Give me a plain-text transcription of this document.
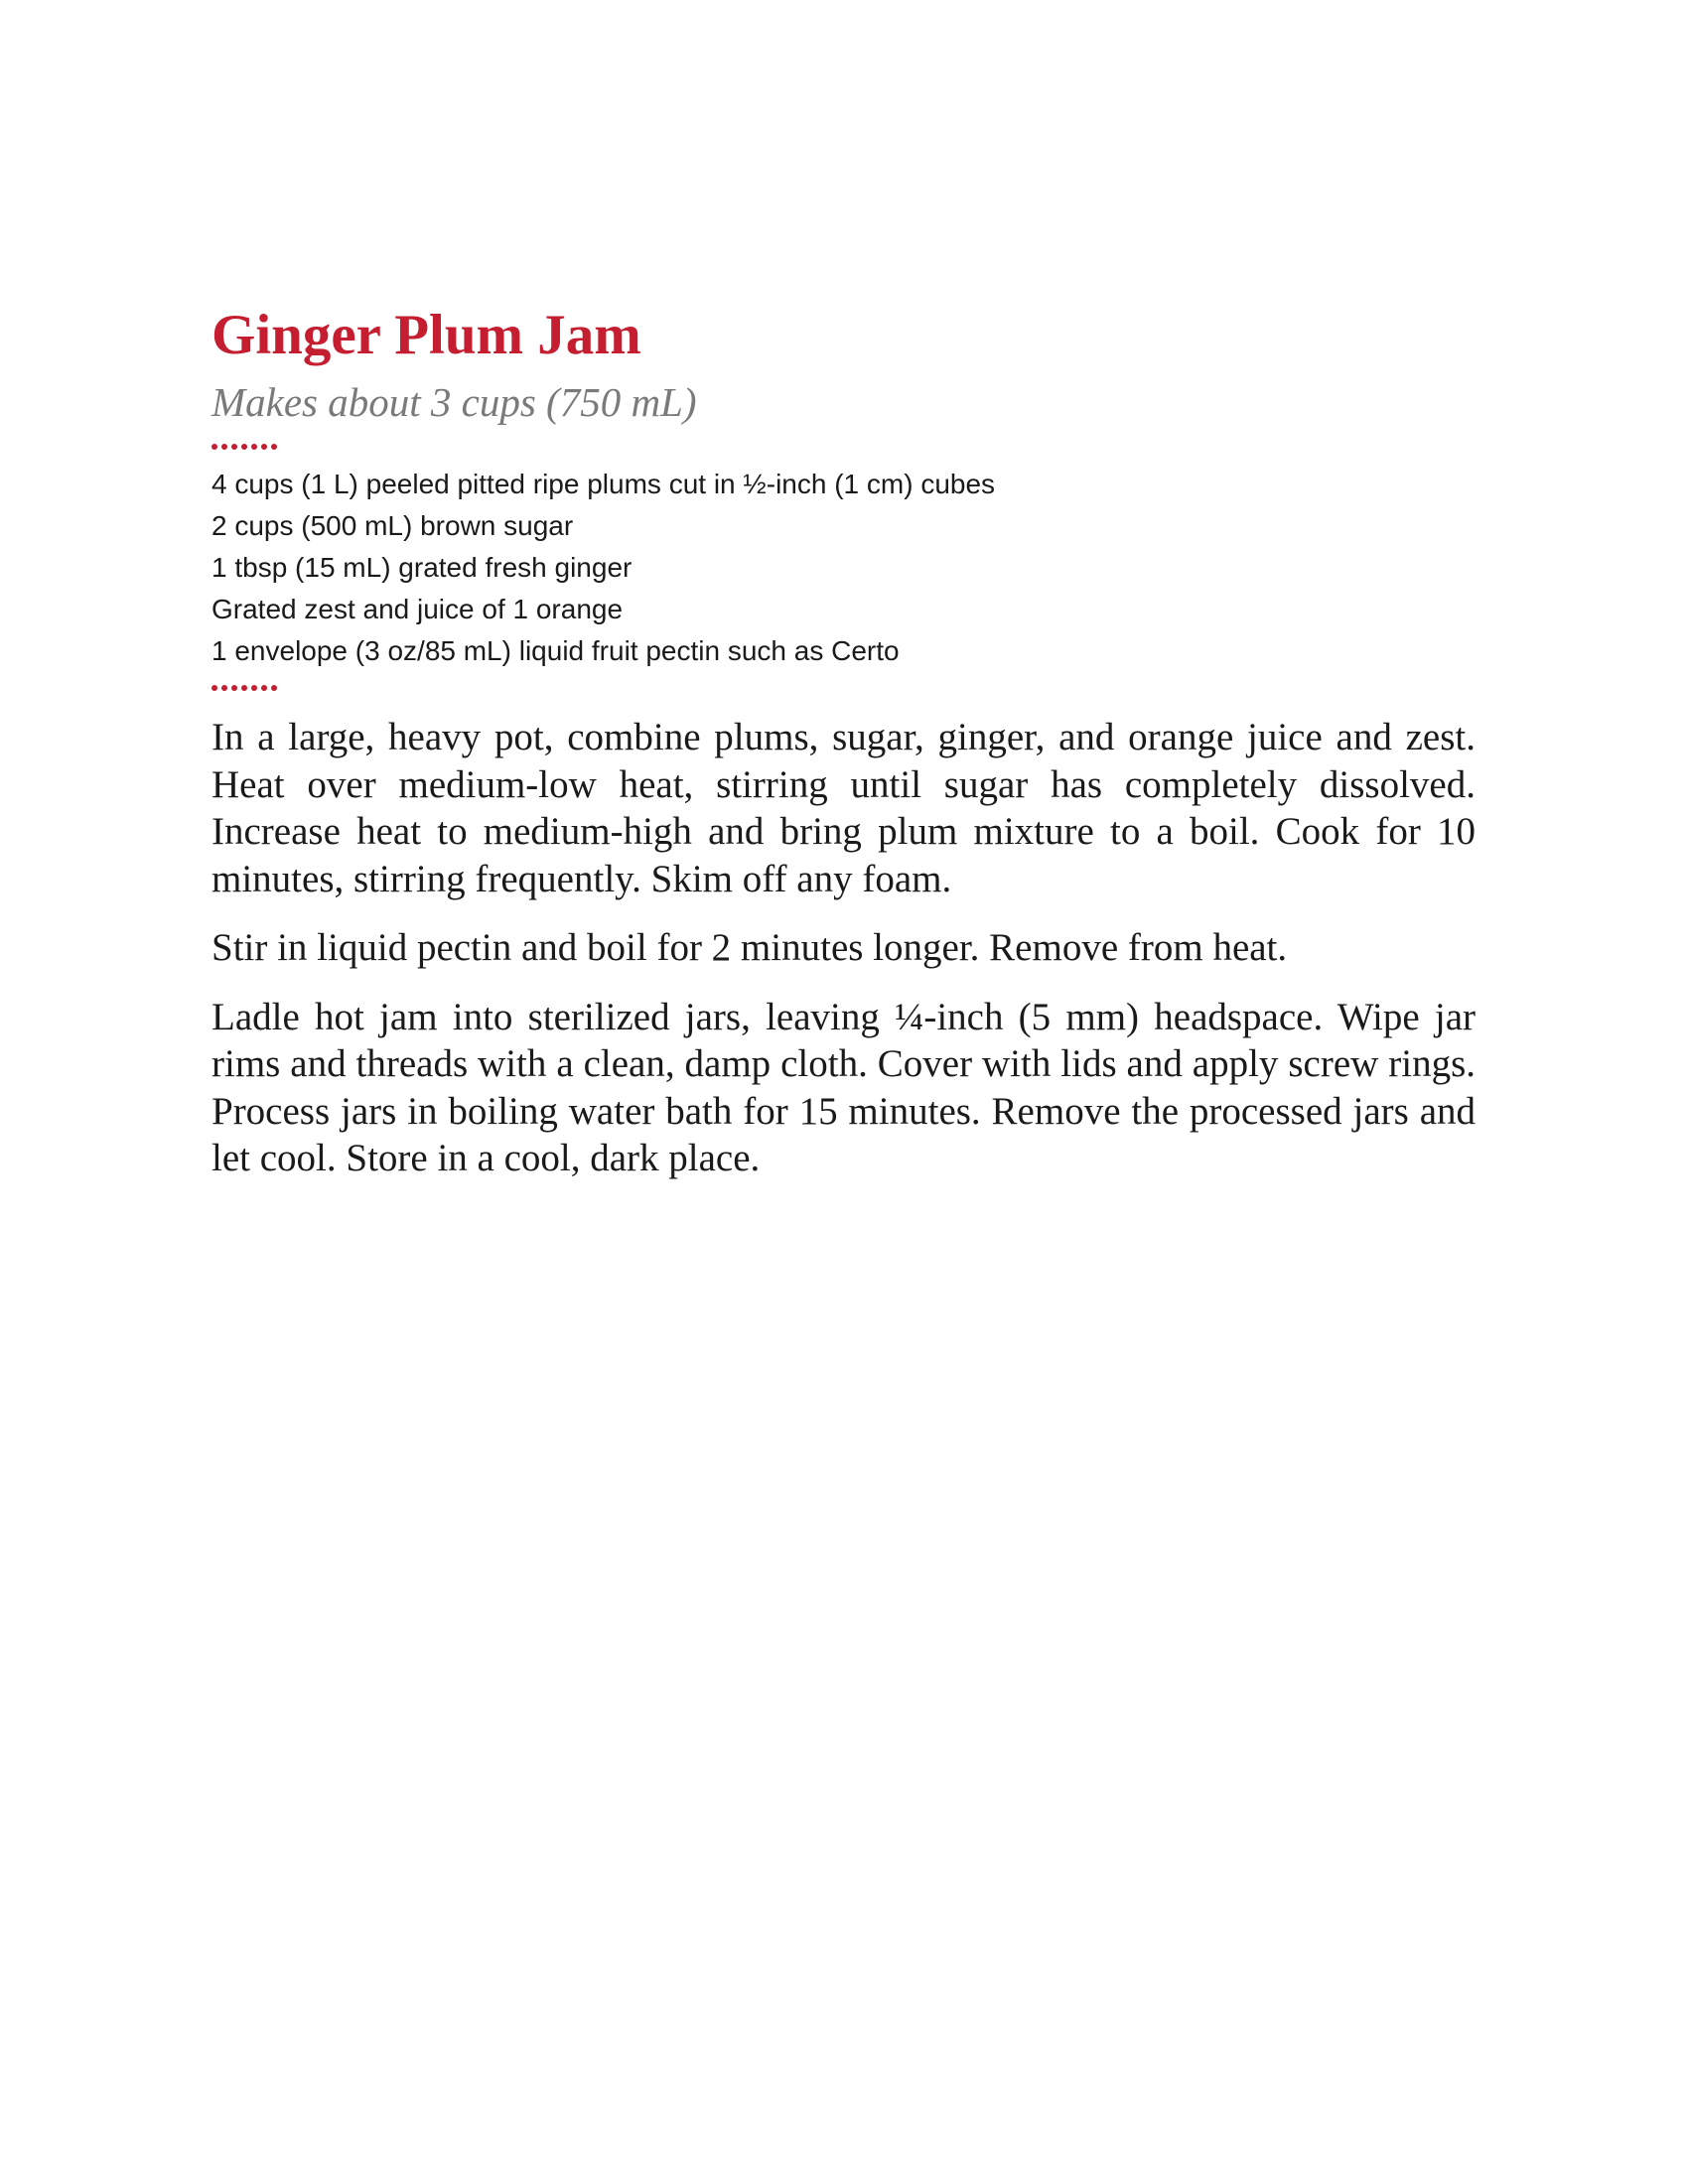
Ginger Plum Jam
Makes about 3 cups (750 mL)
4 cups (1 L) peeled pitted ripe plums cut in ½-inch (1 cm) cubes
2 cups (500 mL) brown sugar
1 tbsp (15 mL) grated fresh ginger
Grated zest and juice of 1 orange
1 envelope (3 oz/85 mL) liquid fruit pectin such as Certo

In a large, heavy pot, combine plums, sugar, ginger, and orange juice and zest. Heat over medium-low heat, stirring until sugar has completely dissolved. Increase heat to medium-high and bring plum mixture to a boil. Cook for 10 minutes, stirring frequently. Skim off any foam.

Stir in liquid pectin and boil for 2 minutes longer. Remove from heat.

Ladle hot jam into sterilized jars, leaving ¼-inch (5 mm) headspace. Wipe jar rims and threads with a clean, damp cloth. Cover with lids and apply screw rings. Process jars in boiling water bath for 15 minutes. Remove the processed jars and let cool. Store in a cool, dark place.
